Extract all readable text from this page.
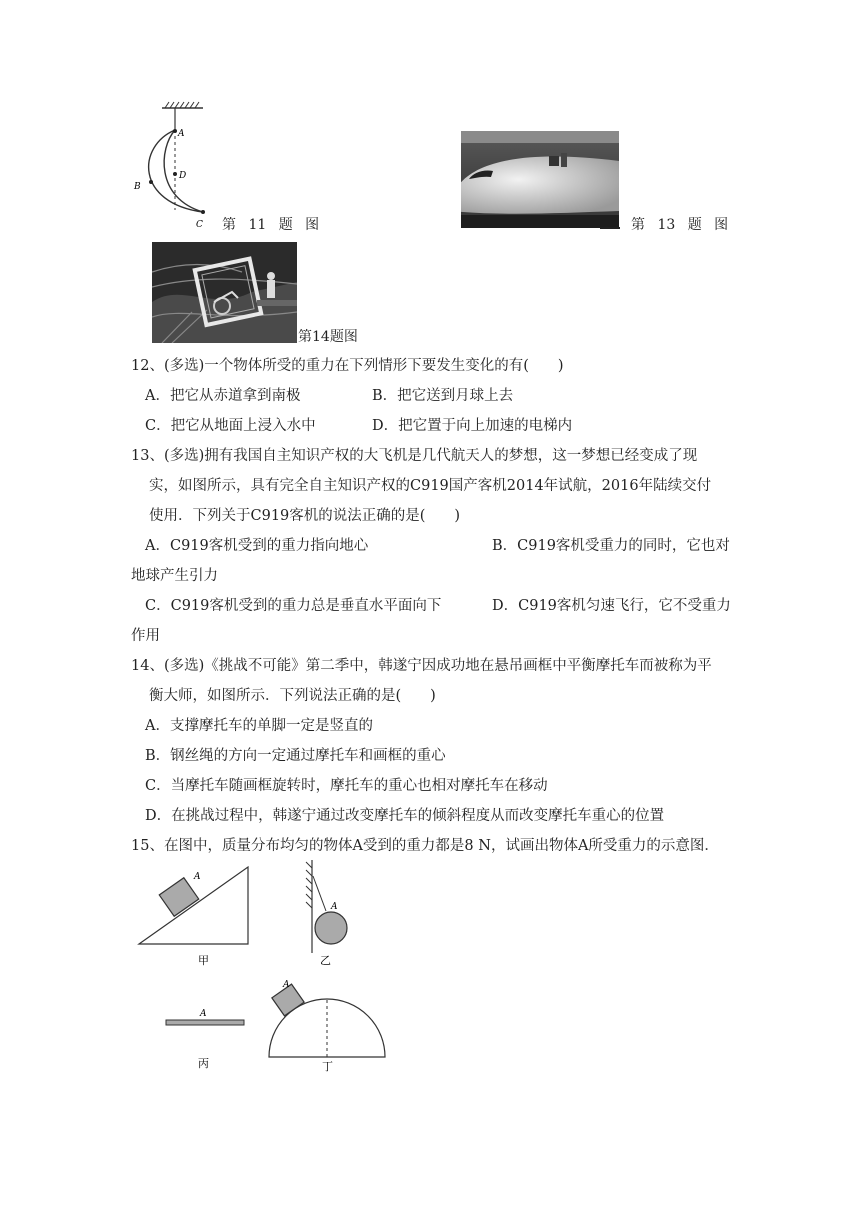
A
B
C
D
第 11 题 图	第 13 题 图
第14题图
12、(多选)一个物体所受的重力在下列情形下要发生变化的有(　　)
A．把它从赤道拿到南极	B．把它送到月球上去
C．把它从地面上浸入水中	D．把它置于向上加速的电梯内
13、(多选)拥有我国自主知识产权的大飞机是几代航天人的梦想，这一梦想已经变成了现
实，如图所示，具有完全自主知识产权的C919国产客机2014年试航，2016年陆续交付
使用．下列关于C919客机的说法正确的是(　　)
A．C919客机受到的重力指向地心	B．C919客机受重力的同时，它也对
地球产生引力
C．C919客机受到的重力总是垂直水平面向下	D．C919客机匀速飞行，它不受重力
作用
14、(多选)《挑战不可能》第二季中，韩遂宁因成功地在悬吊画框中平衡摩托车而被称为平
衡大师，如图所示．下列说法正确的是(　　)
A．支撑摩托车的单脚一定是竖直的
B．钢丝绳的方向一定通过摩托车和画框的重心
C．当摩托车随画框旋转时，摩托车的重心也相对摩托车在移动
D．在挑战过程中，韩遂宁通过改变摩托车的倾斜程度从而改变摩托车重心的位置
15、在图中，质量分布均匀的物体A受到的重力都是8 N，试画出物体A所受重力的示意图．
A
甲
A
乙
A
丙
A
丁
